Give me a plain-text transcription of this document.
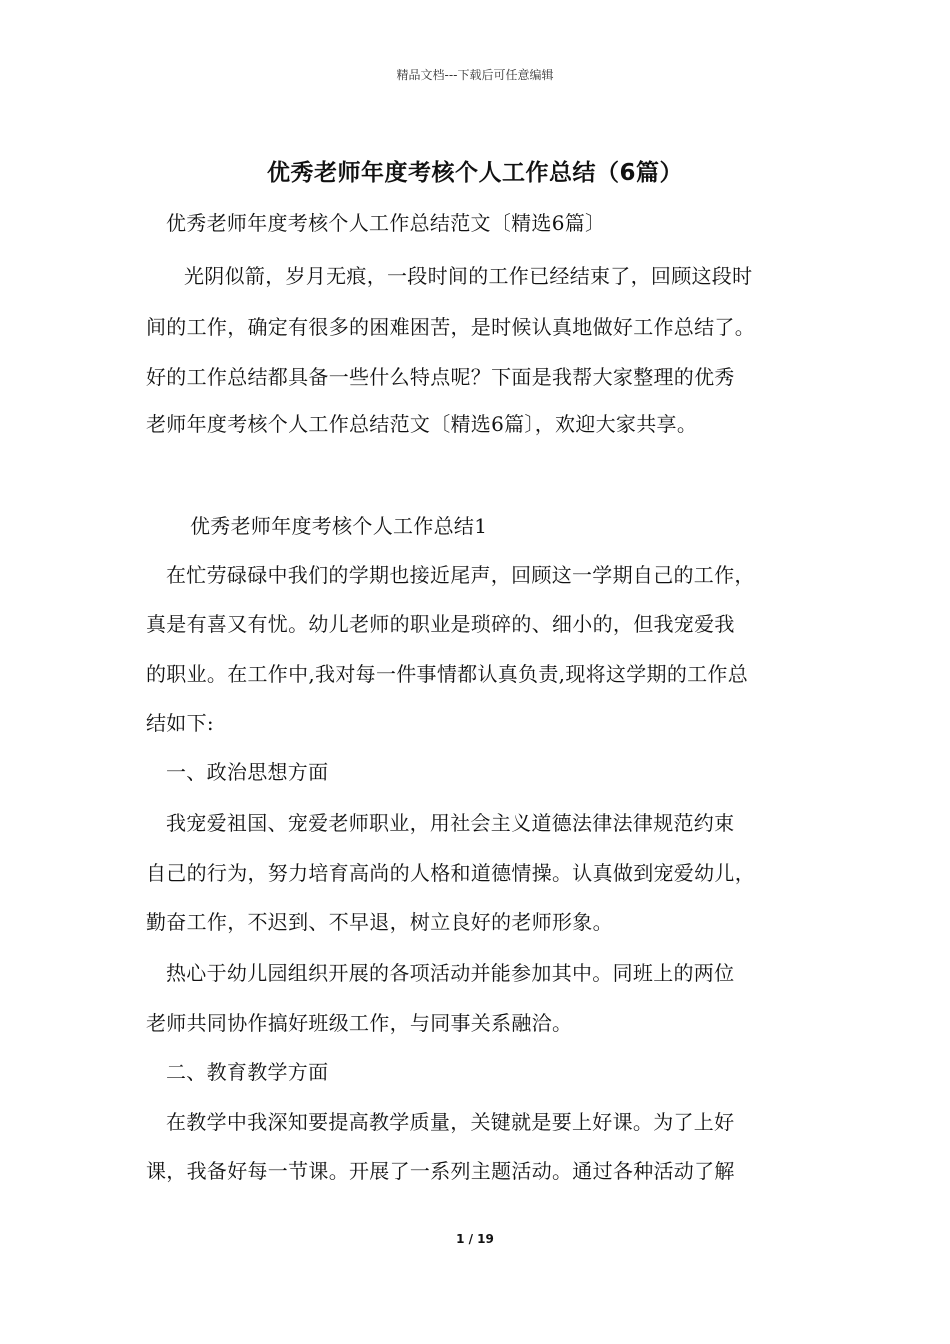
精品文档---下载后可任意编辑
优秀老师年度考核个人工作总结（6篇）
优秀老师年度考核个人工作总结范文〔精选6篇〕
光阴似箭，岁月无痕，一段时间的工作已经结束了，回顾这段时
间的工作，确定有很多的困难困苦，是时候认真地做好工作总结了。
好的工作总结都具备一些什么特点呢？下面是我帮大家整理的优秀
老师年度考核个人工作总结范文〔精选6篇〕，欢迎大家共享。
优秀老师年度考核个人工作总结1
在忙劳碌碌中我们的学期也接近尾声，回顾这一学期自己的工作，
真是有喜又有忧。幼儿老师的职业是琐碎的、细小的，但我宠爱我
的职业。在工作中,我对每一件事情都认真负责,现将这学期的工作总
结如下:
一、政治思想方面
我宠爱祖国、宠爱老师职业，用社会主义道德法律法律规范约束
自己的行为，努力培育高尚的人格和道德情操。认真做到宠爱幼儿，
勤奋工作，不迟到、不早退，树立良好的老师形象。
热心于幼儿园组织开展的各项活动并能参加其中。同班上的两位
老师共同协作搞好班级工作，与同事关系融洽。
二、教育教学方面
在教学中我深知要提高教学质量，关键就是要上好课。为了上好
课，我备好每一节课。开展了一系列主题活动。通过各种活动了解
1 / 19
